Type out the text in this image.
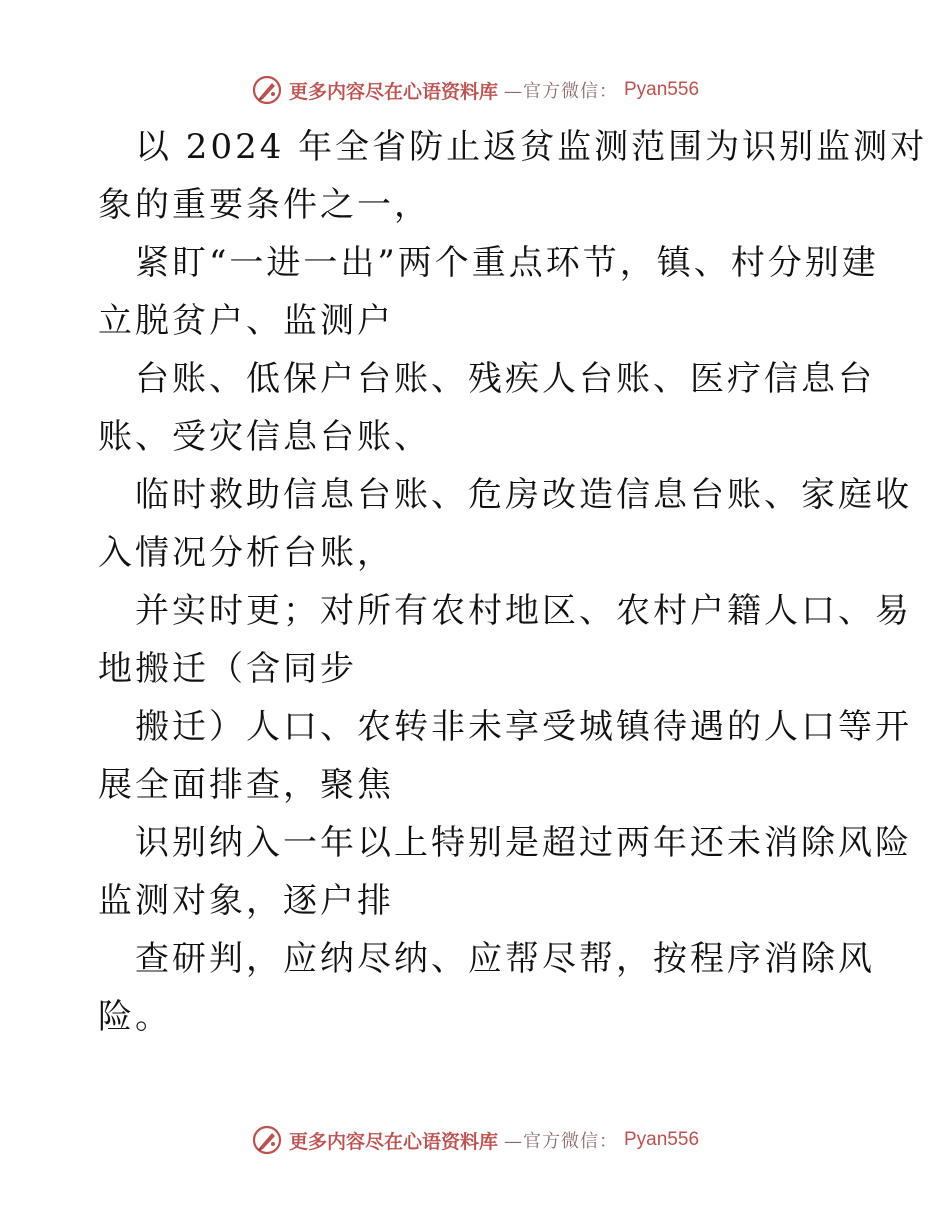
更多内容尽在心语资料库 —官方微信： Pyan556
以 2024 年全省防止返贫监测范围为识别监测对
象的重要条件之一，
紧盯“一进一出”两个重点环节，镇、村分别建
立脱贫户、监测户
台账、低保户台账、残疾人台账、医疗信息台
账、受灾信息台账、
临时救助信息台账、危房改造信息台账、家庭收
入情况分析台账，
并实时更；对所有农村地区、农村户籍人口、易
地搬迁（含同步
搬迁）人口、农转非未享受城镇待遇的人口等开
展全面排查，聚焦
识别纳入一年以上特别是超过两年还未消除风险
监测对象，逐户排
查研判，应纳尽纳、应帮尽帮，按程序消除风
险。
更多内容尽在心语资料库 —官方微信： Pyan556
